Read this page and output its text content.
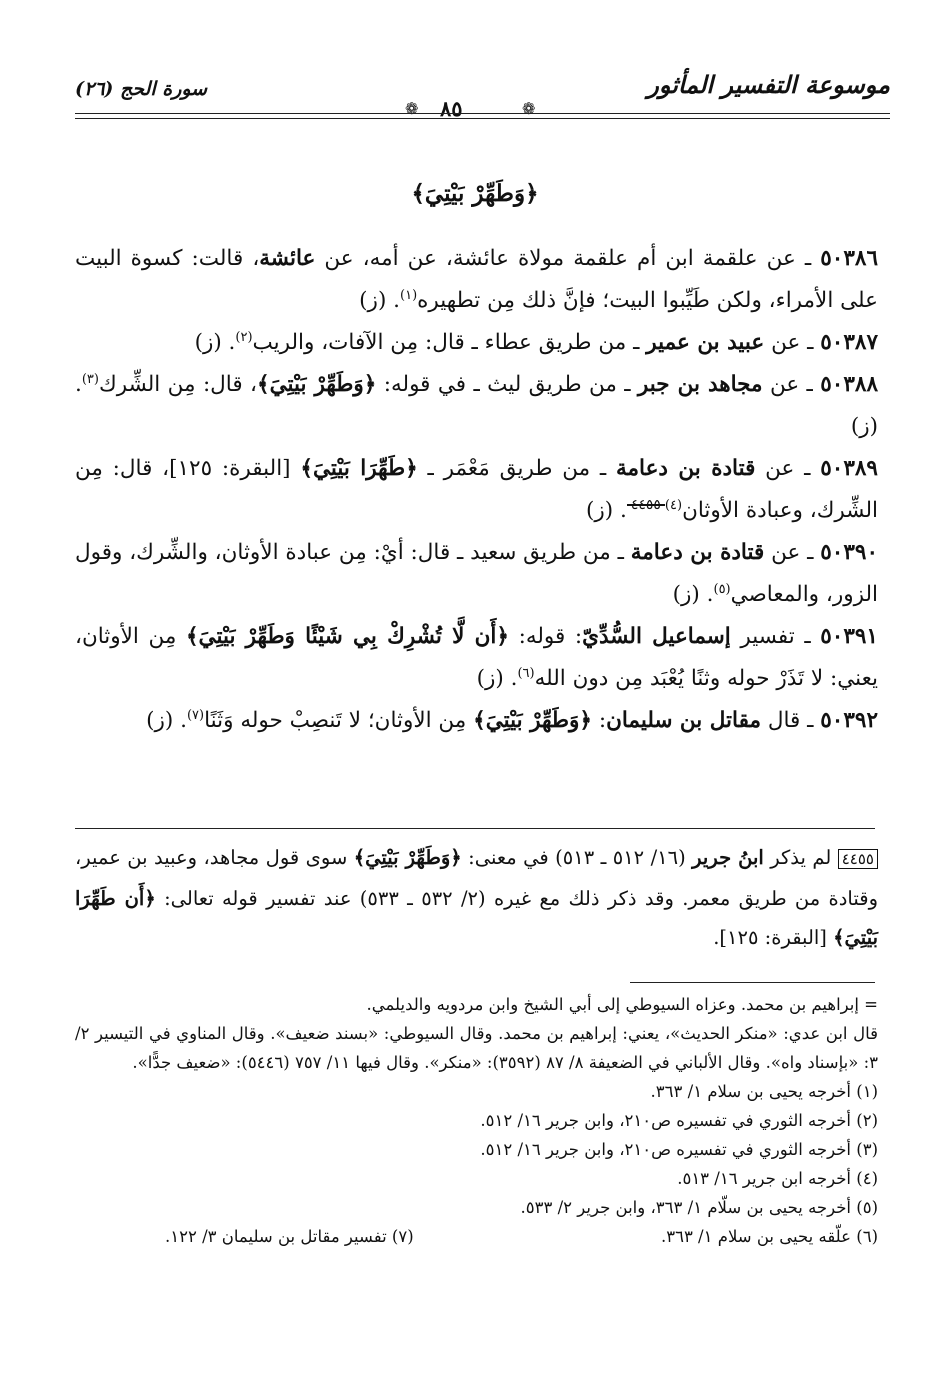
موسوعة التفسير المأثور
سورة الحج (٢٦)
❁
٨٥
❁
﴿وَطَهِّرْ بَيْتِيَ﴾

٥٠٣٨٦ ـ عن علقمة ابن أم علقمة مولاة عائشة، عن أمه، عن عائشة، قالت: كسوة البيت على الأمراء، ولكن طَيِّبوا البيت؛ فإنَّ ذلك مِن تطهيره$^{(١)}$. (ز)

٥٠٣٨٧ ـ عن عبيد بن عمير ـ من طريق عطاء ـ قال: مِن الآفات، والريب$^{(٢)}$. (ز)

٥٠٣٨٨ ـ عن مجاهد بن جبر ـ من طريق ليث ـ في قوله: ﴿وَطَهِّرْ بَيْتِيَ﴾، قال: مِن الشِّرك$^{(٣)}$. (ز)

٥٠٣٨٩ ـ عن قتادة بن دعامة ـ من طريق مَعْمَر ـ ﴿طَهِّرَا بَيْتِيَ﴾ [البقرة: ١٢٥]، قال: مِن الشِّرك، وعبادة الأوثان$^{(٤)}$٤٤٥٥. (ز)

٥٠٣٩٠ ـ عن قتادة بن دعامة ـ من طريق سعيد ـ قال: أيْ: مِن عبادة الأوثان، والشِّرك، وقول الزور، والمعاصي$^{(٥)}$. (ز)

٥٠٣٩١ ـ تفسير إسماعيل السُّدِّيّ: قوله: ﴿أَن لَّا تُشْرِكْ بِي شَيْئًا وَطَهِّرْ بَيْتِيَ﴾ مِن الأوثان، يعني: لا تَذَرْ حوله وثنًا يُعْبَد مِن دون الله$^{(٦)}$. (ز)

٥٠٣٩٢ ـ قال مقاتل بن سليمان: ﴿وَطَهِّرْ بَيْتِيَ﴾ مِن الأوثان؛ لا تَنصِبْ حوله وَثَنًا$^{(٧)}$. (ز)

٤٤٥٥ لم يذكر ابنُ جرير (١٦/ ٥١٢ ـ ٥١٣) في معنى: ﴿وَطَهِّرْ بَيْتِيَ﴾ سوى قول مجاهد، وعبيد بن عمير، وقتادة من طريق معمر. وقد ذكر ذلك مع غيره (٢/ ٥٣٢ ـ ٥٣٣) عند تفسير قوله تعالى: ﴿أَن طَهِّرَا بَيْتِيَ﴾ [البقرة: ١٢٥].

= إبراهيم بن محمد. وعزاه السيوطي إلى أبي الشيخ وابن مردويه والديلمي.

قال ابن عدي: «منكر الحديث»، يعني: إبراهيم بن محمد. وقال السيوطي: «بسند ضعيف». وقال المناوي في التيسير ٢/ ٣: «بإسناد واه». وقال الألباني في الضعيفة ٨/ ٨٧ (٣٥٩٢): «منكر». وقال فيها ١١/ ٧٥٧ (٥٤٤٦): «ضعيف جدًّا».

(١) أخرجه يحيى بن سلام ١/ ٣٦٣.

(٢) أخرجه الثوري في تفسيره ص٢١٠، وابن جرير ١٦/ ٥١٢.

(٣) أخرجه الثوري في تفسيره ص٢١٠، وابن جرير ١٦/ ٥١٢.

(٤) أخرجه ابن جرير ١٦/ ٥١٣.

(٥) أخرجه يحيى بن سلّام ١/ ٣٦٣، وابن جرير ٢/ ٥٣٣.

(٦) علّقه يحيى بن سلام ١/ ٣٦٣.

(٧) تفسير مقاتل بن سليمان ٣/ ١٢٢.
